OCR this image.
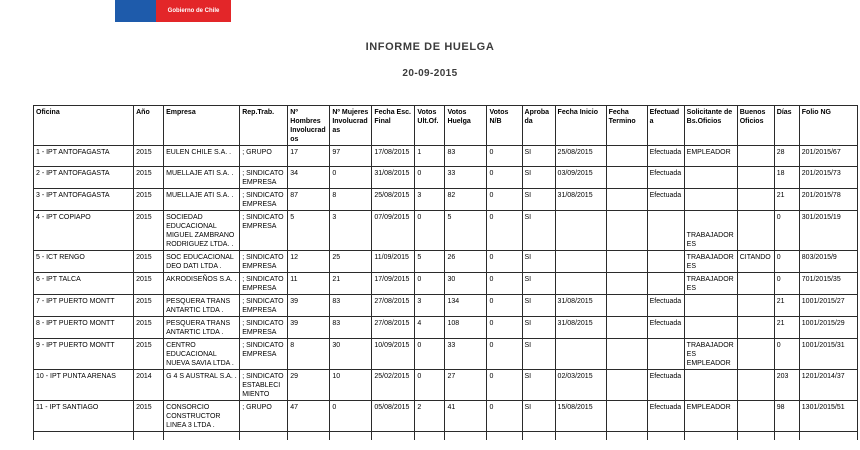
Gobierno de Chile
INFORME DE HUELGA
20-09-2015
Oficina	Año	Empresa	Rep.Trab.	Nº Hombres Involucrados	Nº Mujeres Involucradas	Fecha Esc. Final	Votos Ult.Of.	Votos Huelga	Votos N/B	Aprobada	Fecha Inicio	Fecha Termino	Efectuada	Solicitante de Bs.Oficios	Buenos Oficios	Días	Folio NG
1 - IPT ANTOFAGASTA	2015	EULEN CHILE S.A. .	; GRUPO	17	97	17/08/2015	1	83	0	SI	25/08/2015		Efectuada	EMPLEADOR		28	201/2015/67
2 - IPT ANTOFAGASTA	2015	MUELLAJE ATI S.A. .	; SINDICATO EMPRESA	34	0	31/08/2015	0	33	0	SI	03/09/2015		Efectuada			18	201/2015/73
3 - IPT ANTOFAGASTA	2015	MUELLAJE ATI S.A. .	; SINDICATO EMPRESA	87	8	25/08/2015	3	82	0	SI	31/08/2015		Efectuada			21	201/2015/78
4 - IPT COPIAPO	2015	SOCIEDAD EDUCACIONAL MIGUEL ZAMBRANO RODRIGUEZ LTDA. .	; SINDICATO EMPRESA	5	3	07/09/2015	0	5	0	SI				TRABAJADORES		0	301/2015/19
5 - ICT RENGO	2015	SOC EDUCACIONAL DEO DATI LTDA .	; SINDICATO EMPRESA	12	25	11/09/2015	5	26	0	SI				TRABAJADORES	CITANDO	0	803/2015/9
6 - IPT TALCA	2015	AKRODISEÑOS S.A. .	; SINDICATO EMPRESA	11	21	17/09/2015	0	30	0	SI				TRABAJADORES		0	701/2015/35
7 - IPT PUERTO MONTT	2015	PESQUERA TRANS ANTARTIC LTDA .	; SINDICATO EMPRESA	39	83	27/08/2015	3	134	0	SI	31/08/2015		Efectuada			21	1001/2015/27
8 - IPT PUERTO MONTT	2015	PESQUERA TRANS ANTARTIC LTDA .	; SINDICATO EMPRESA	39	83	27/08/2015	4	108	0	SI	31/08/2015		Efectuada			21	1001/2015/29
9 - IPT PUERTO MONTT	2015	CENTRO EDUCACIONAL NUEVA SAVIA LTDA .	; SINDICATO EMPRESA	8	30	10/09/2015	0	33	0	SI				TRABAJADORES EMPLEADOR		0	1001/2015/31
10 - IPT PUNTA ARENAS	2014	G 4 S AUSTRAL S.A. .	; SINDICATO ESTABLECIMIENTO	29	10	25/02/2015	0	27	0	SI	02/03/2015		Efectuada			203	1201/2014/37
11 - IPT SANTIAGO	2015	CONSORCIO CONSTRUCTOR LINEA 3 LTDA .	; GRUPO	47	0	05/08/2015	2	41	0	SI	15/08/2015		Efectuada	EMPLEADOR		98	1301/2015/51
